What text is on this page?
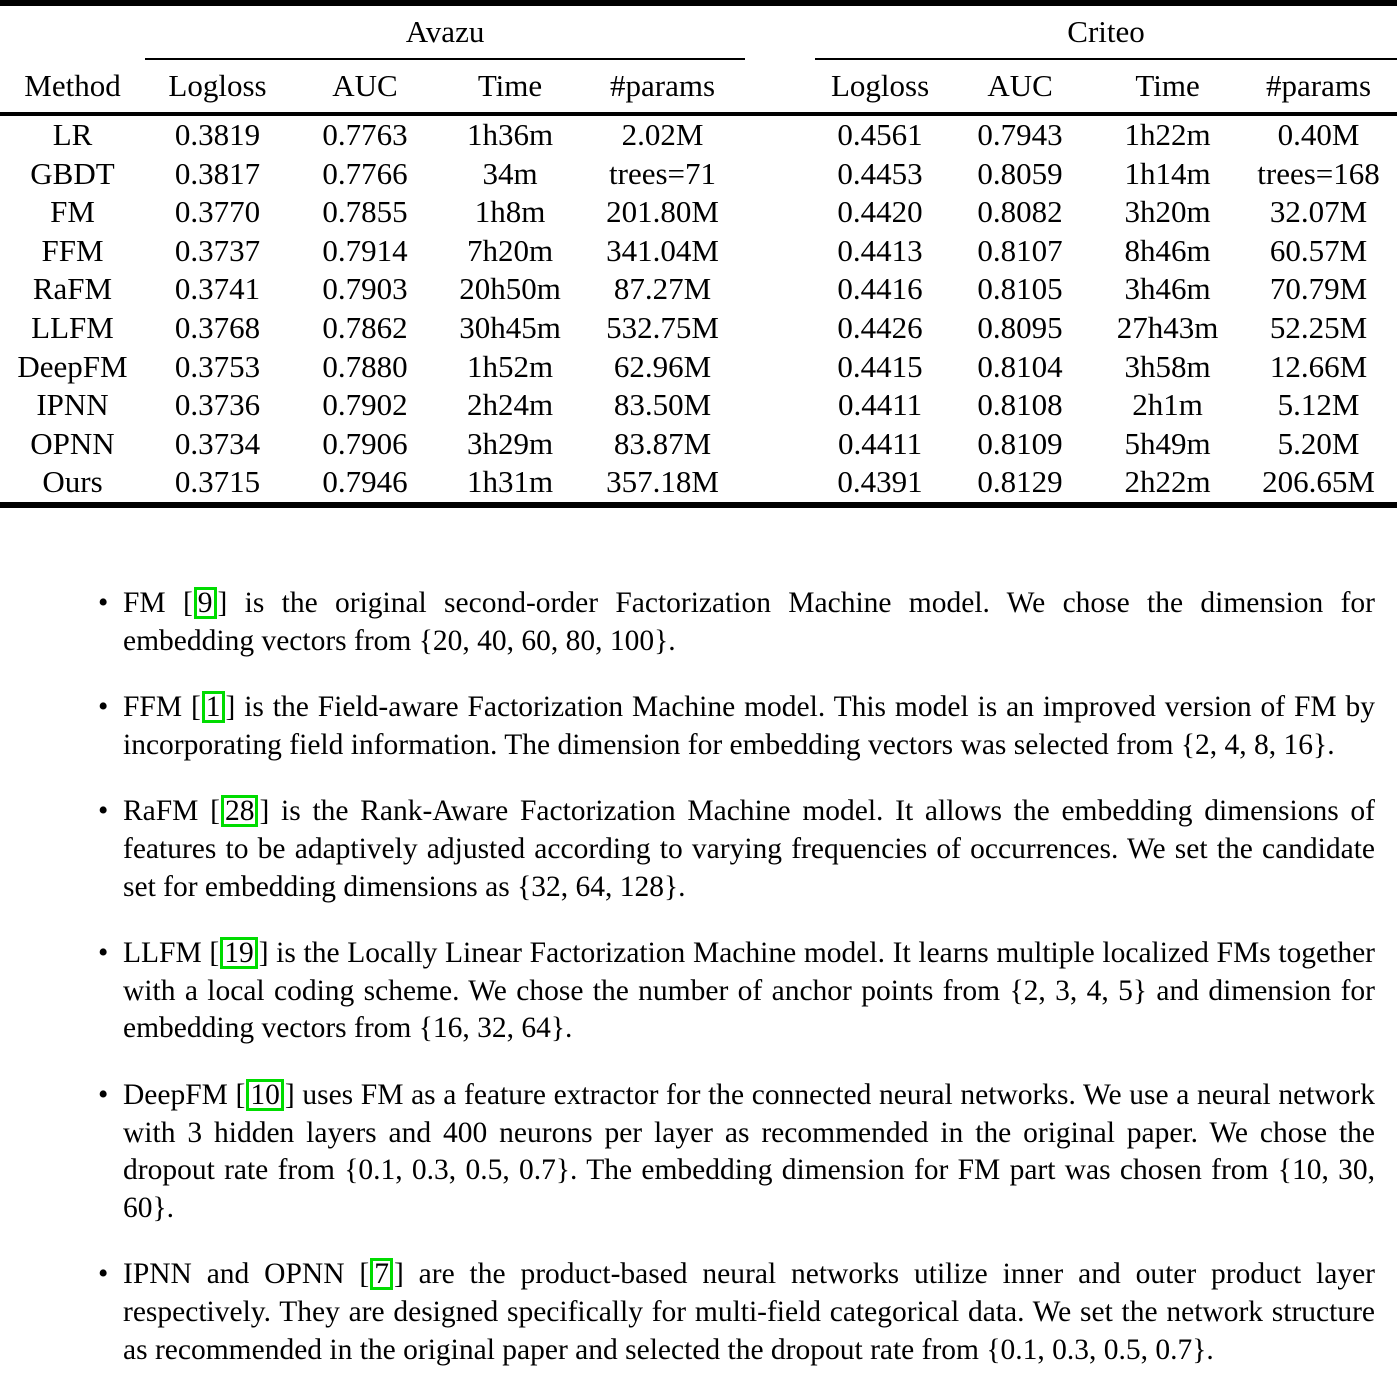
	Avazu					Criteo			
Method	Logloss	AUC	Time	#params		Logloss	AUC	Time	#params
LR	0.3819	0.7763	1h36m	2.02M		0.4561	0.7943	1h22m	0.40M
GBDT	0.3817	0.7766	34m	trees=71		0.4453	0.8059	1h14m	trees=168
FM	0.3770	0.7855	1h8m	201.80M		0.4420	0.8082	3h20m	32.07M
FFM	0.3737	0.7914	7h20m	341.04M		0.4413	0.8107	8h46m	60.57M
RaFM	0.3741	0.7903	20h50m	87.27M		0.4416	0.8105	3h46m	70.79M
LLFM	0.3768	0.7862	30h45m	532.75M		0.4426	0.8095	27h43m	52.25M
DeepFM	0.3753	0.7880	1h52m	62.96M		0.4415	0.8104	3h58m	12.66M
IPNN	0.3736	0.7902	2h24m	83.50M		0.4411	0.8108	2h1m	5.12M
OPNN	0.3734	0.7906	3h29m	83.87M		0.4411	0.8109	5h49m	5.20M
Ours	0.3715	0.7946	1h31m	357.18M		0.4391	0.8129	2h22m	206.65M
• FM [ 9 ] is the original second-order Factorization Machine model. We chose the dimension for embedding vectors from {20, 40, 60, 80, 100}.
• FFM [ 1 ] is the Field-aware Factorization Machine model. This model is an improved version of FM by incorporating field information. The dimension for embedding vectors was selected from {2, 4, 8, 16}.
• RaFM [ 28 ] is the Rank-Aware Factorization Machine model. It allows the embedding dimensions of features to be adaptively adjusted according to varying frequencies of occurrences. We set the candidate set for embedding dimensions as {32, 64, 128}.
• LLFM [ 19 ] is the Locally Linear Factorization Machine model. It learns multiple localized FMs together with a local coding scheme. We chose the number of anchor points from {2, 3, 4, 5} and dimension for embedding vectors from {16, 32, 64}.
• DeepFM [ 10 ] uses FM as a feature extractor for the connected neural networks. We use a neural network with 3 hidden layers and 400 neurons per layer as recommended in the original paper. We chose the dropout rate from {0.1, 0.3, 0.5, 0.7}. The embedding dimension for FM part was chosen from {10, 30, 60}.
• IPNN and OPNN [ 7 ] are the product-based neural networks utilize inner and outer product layer respectively. They are designed specifically for multi-field categorical data. We set the network structure as recommended in the original paper and selected the dropout rate from {0.1, 0.3, 0.5, 0.7}.
